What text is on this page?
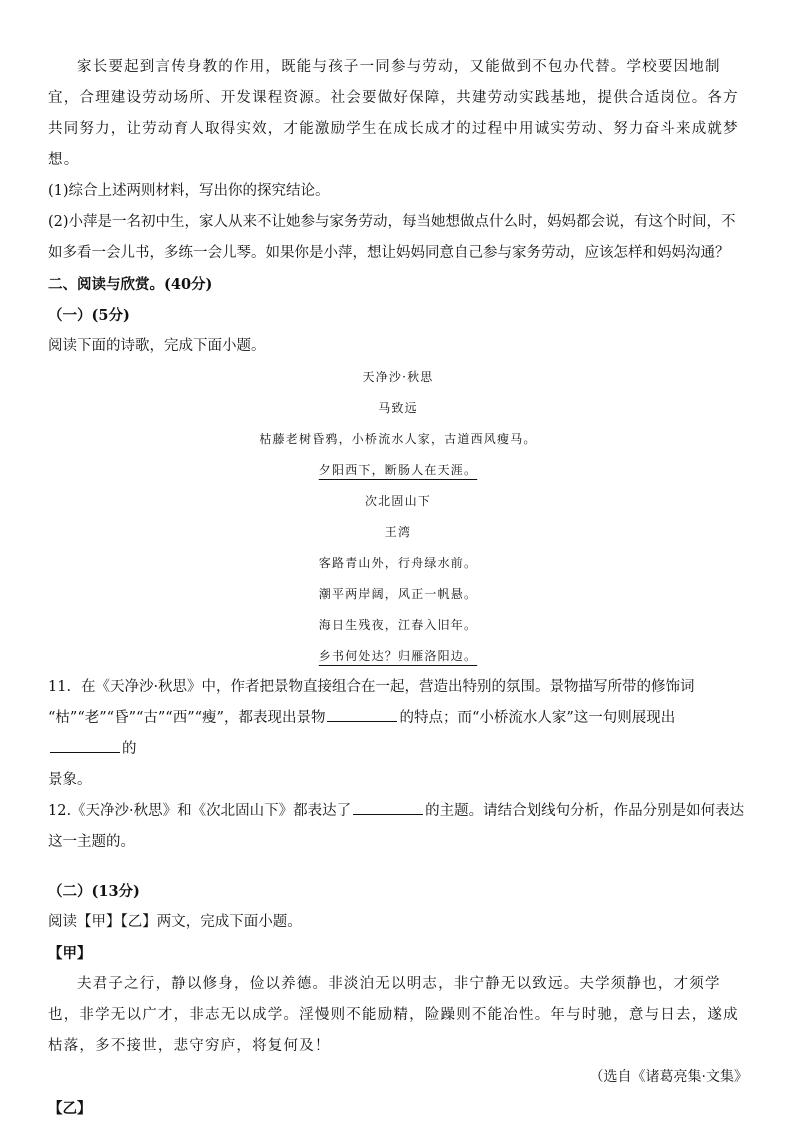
家长要起到言传身教的作用，既能与孩子一同参与劳动，又能做到不包办代替。学校要因地制宜，合理建设劳动场所、开发课程资源。社会要做好保障，共建劳动实践基地，提供合适岗位。各方共同努力，让劳动育人取得实效，才能激励学生在成长成才的过程中用诚实劳动、努力奋斗来成就梦想。

(1)综合上述两则材料，写出你的探究结论。

(2)小萍是一名初中生，家人从来不让她参与家务劳动，每当她想做点什么时，妈妈都会说，有这个时间，不如多看一会儿书，多练一会儿琴。如果你是小萍，想让妈妈同意自己参与家务劳动，应该怎样和妈妈沟通？

二、阅读与欣赏。(40分)

（一）(5分)

阅读下面的诗歌，完成下面小题。

天净沙·秋思

马致远

枯藤老树昏鸦，小桥流水人家，古道西风瘦马。

夕阳西下，断肠人在天涯。

次北固山下

王湾

客路青山外，行舟绿水前。

潮平两岸阔，风正一帆悬。

海日生残夜，江春入旧年。

乡书何处达？归雁洛阳边。

11．在《天净沙·秋思》中，作者把景物直接组合在一起，营造出特别的氛围。景物描写所带的修饰词
“枯”“老”“昏”“古”“西”“瘦”，都表现出景物	的特点；而“小桥流水人家”这一句则展现出的
景象。

12.《天净沙·秋思》和《次北固山下》都表达了	的主题。请结合划线句分析，作品分别是如何表达这一主题的。

（二）(13分)

阅读【甲】【乙】两文，完成下面小题。

【甲】

夫君子之行，静以修身，俭以养德。非淡泊无以明志，非宁静无以致远。夫学须静也，才须学也，非学无以广才，非志无以成学。淫慢则不能励精，险躁则不能冶性。年与时驰，意与日去，遂成枯落，多不接世，悲守穷庐，将复何及！

（选自《诸葛亮集·文集》

【乙】
